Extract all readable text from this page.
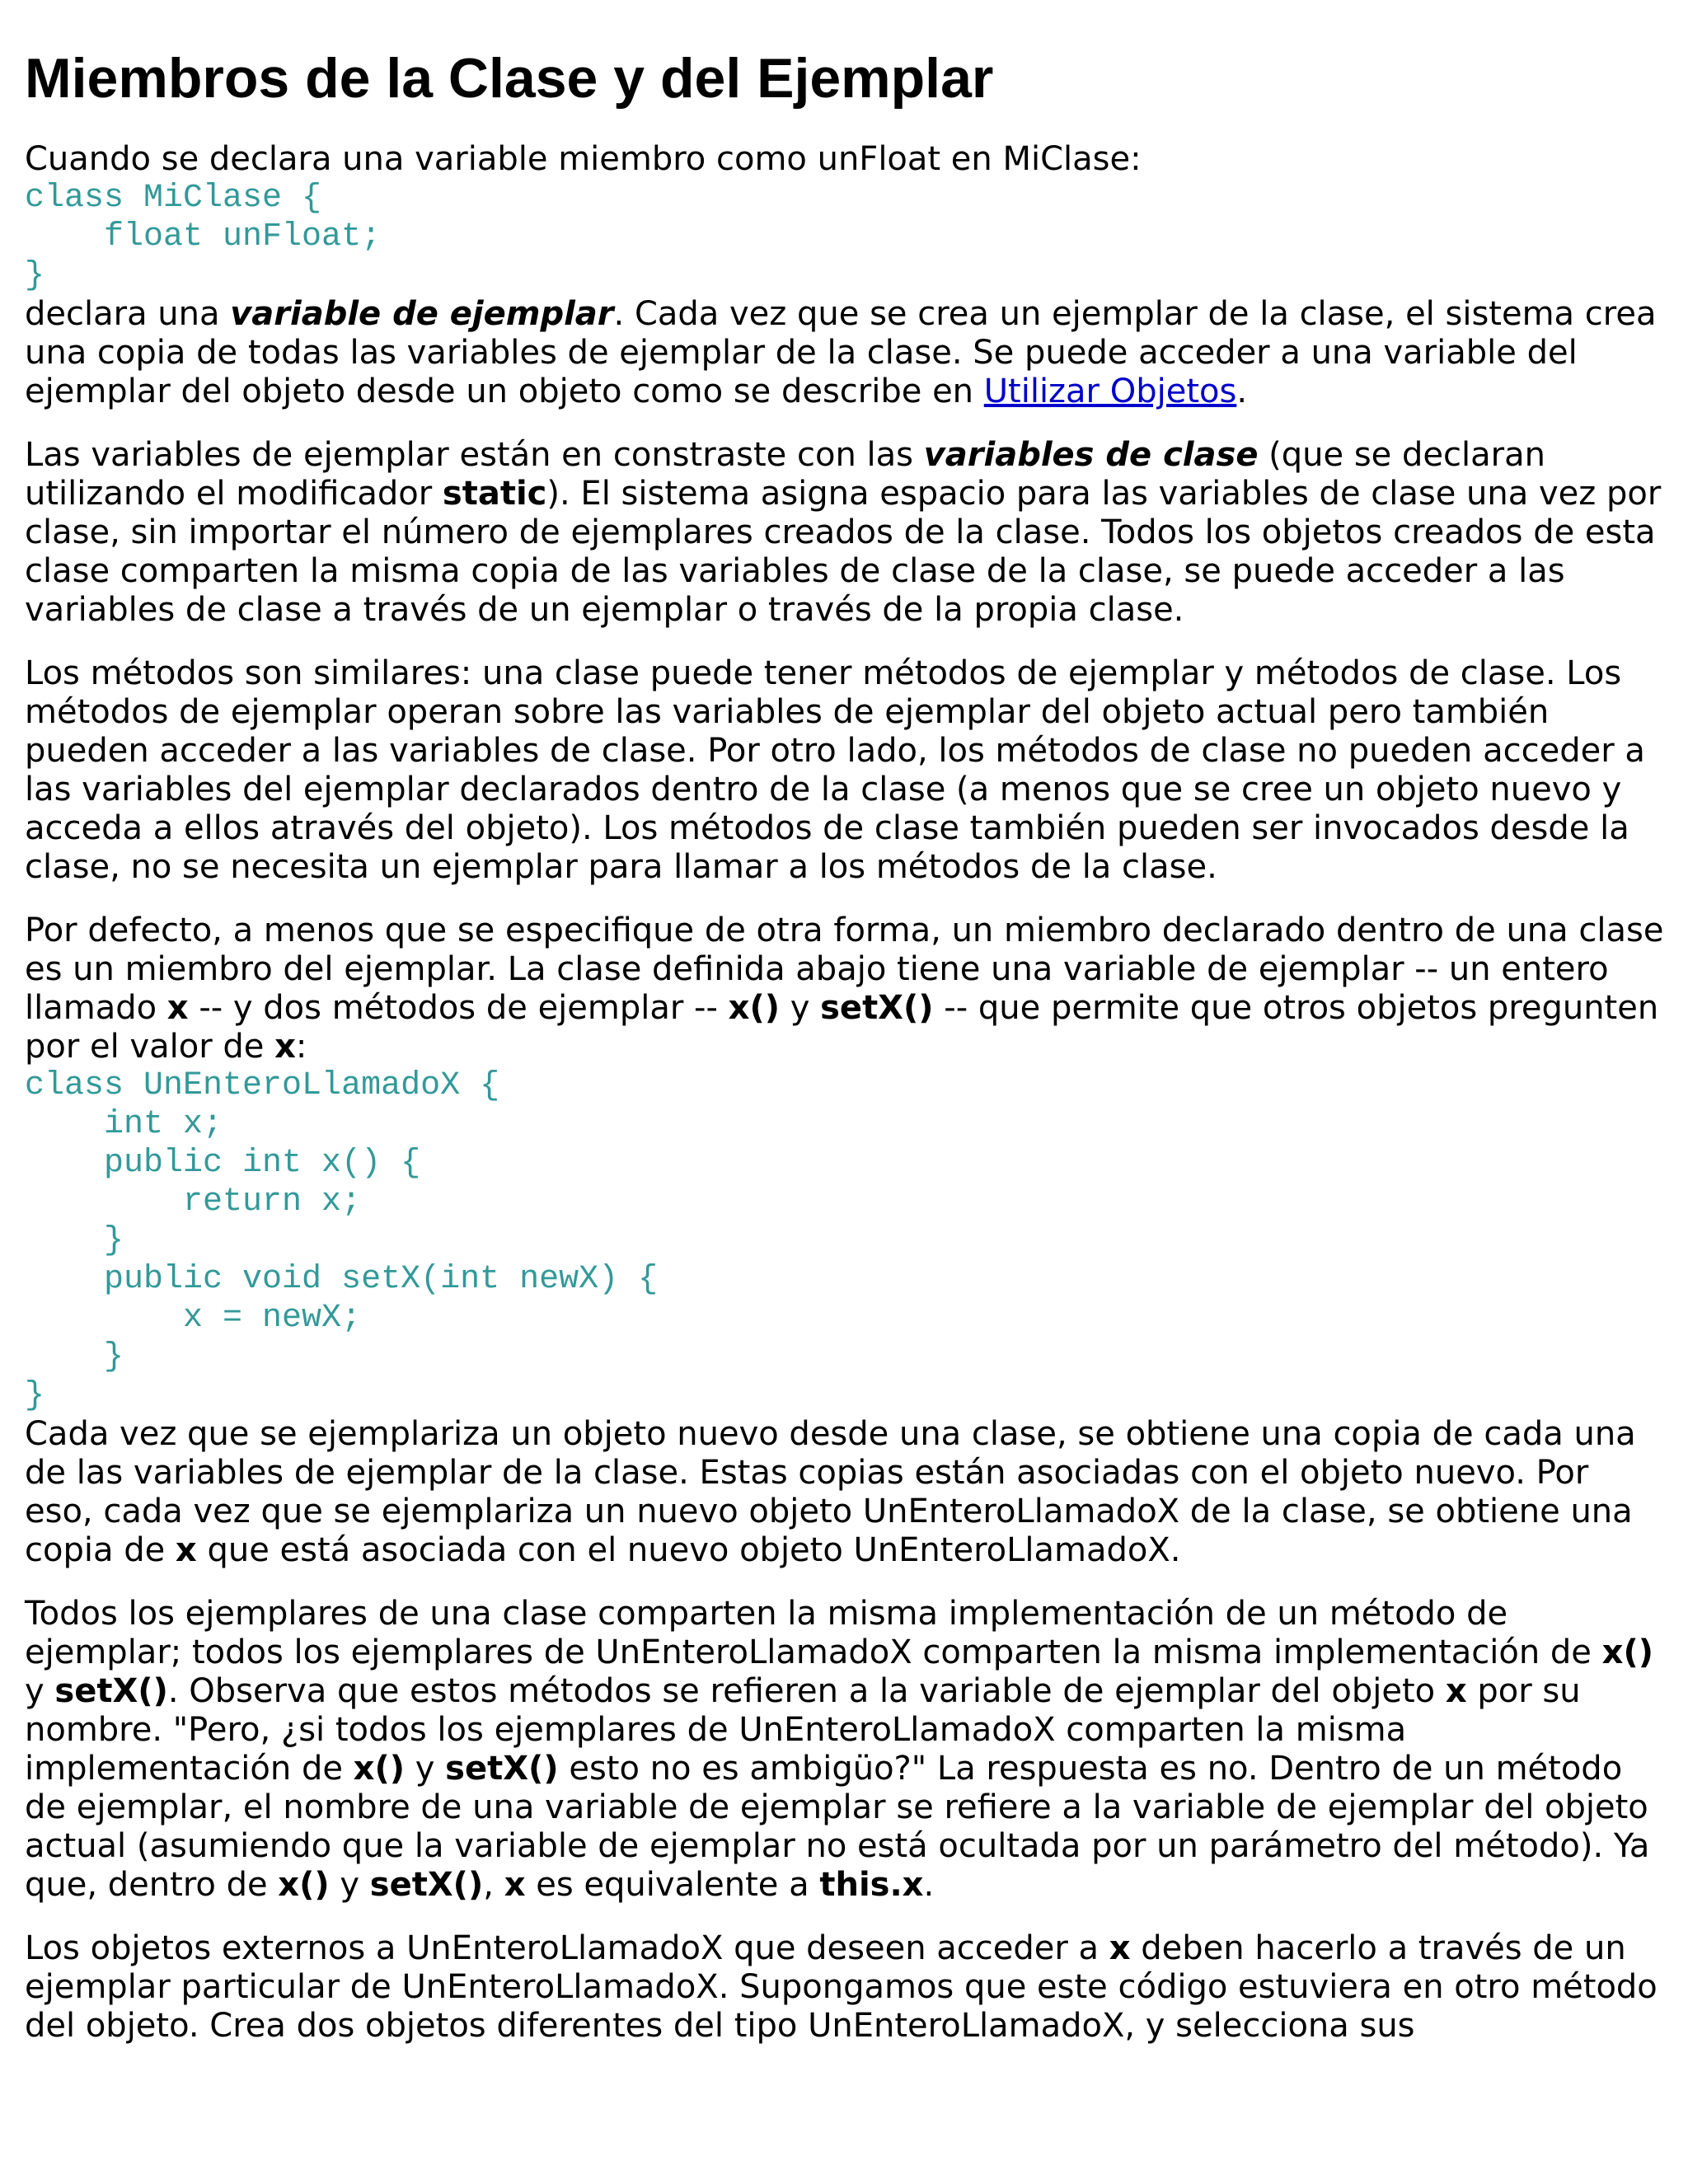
Miembros de la Clase y del Ejemplar

Cuando se declara una variable miembro como unFloat en MiClase:

class MiClase {
float unFloat;
}

declara una variable de ejemplar. Cada vez que se crea un ejemplar de la clase, el sistema crea una copia de todas las variables de ejemplar de la clase. Se puede acceder a una variable del ejemplar del objeto desde un objeto como se describe en Utilizar Objetos.

Las variables de ejemplar están en constraste con las variables de clase (que se declaran utilizando el modificador static). El sistema asigna espacio para las variables de clase una vez por clase, sin importar el número de ejemplares creados de la clase. Todos los objetos creados de esta clase comparten la misma copia de las variables de clase de la clase, se puede acceder a las variables de clase a través de un ejemplar o través de la propia clase.

Los métodos son similares: una clase puede tener métodos de ejemplar y métodos de clase. Los métodos de ejemplar operan sobre las variables de ejemplar del objeto actual pero también pueden acceder a las variables de clase. Por otro lado, los métodos de clase no pueden acceder a las variables del ejemplar declarados dentro de la clase (a menos que se cree un objeto nuevo y acceda a ellos através del objeto). Los métodos de clase también pueden ser invocados desde la clase, no se necesita un ejemplar para llamar a los métodos de la clase.

Por defecto, a menos que se especifique de otra forma, un miembro declarado dentro de una clase es un miembro del ejemplar. La clase definida abajo tiene una variable de ejemplar -- un entero llamado x -- y dos métodos de ejemplar -- x() y setX() -- que permite que otros objetos pregunten por el valor de x:

class UnEnteroLlamadoX {
int x;
public int x() {
return x;
}
public void setX(int newX) {
x = newX;
}
}

Cada vez que se ejemplariza un objeto nuevo desde una clase, se obtiene una copia de cada una de las variables de ejemplar de la clase. Estas copias están asociadas con el objeto nuevo. Por eso, cada vez que se ejemplariza un nuevo objeto UnEnteroLlamadoX de la clase, se obtiene una copia de x que está asociada con el nuevo objeto UnEnteroLlamadoX.

Todos los ejemplares de una clase comparten la misma implementación de un método de ejemplar; todos los ejemplares de UnEnteroLlamadoX comparten la misma implementación de x() y setX(). Observa que estos métodos se refieren a la variable de ejemplar del objeto x por su nombre. "Pero, ¿si todos los ejemplares de UnEnteroLlamadoX comparten la misma implementación de x() y setX() esto no es ambigüo?" La respuesta es no. Dentro de un método de ejemplar, el nombre de una variable de ejemplar se refiere a la variable de ejemplar del objeto actual (asumiendo que la variable de ejemplar no está ocultada por un parámetro del método). Ya que, dentro de x() y setX(), x es equivalente a this.x.

Los objetos externos a UnEnteroLlamadoX que deseen acceder a x deben hacerlo a través de un ejemplar particular de UnEnteroLlamadoX. Supongamos que este código estuviera en otro método del objeto. Crea dos objetos diferentes del tipo UnEnteroLlamadoX, y selecciona sus
